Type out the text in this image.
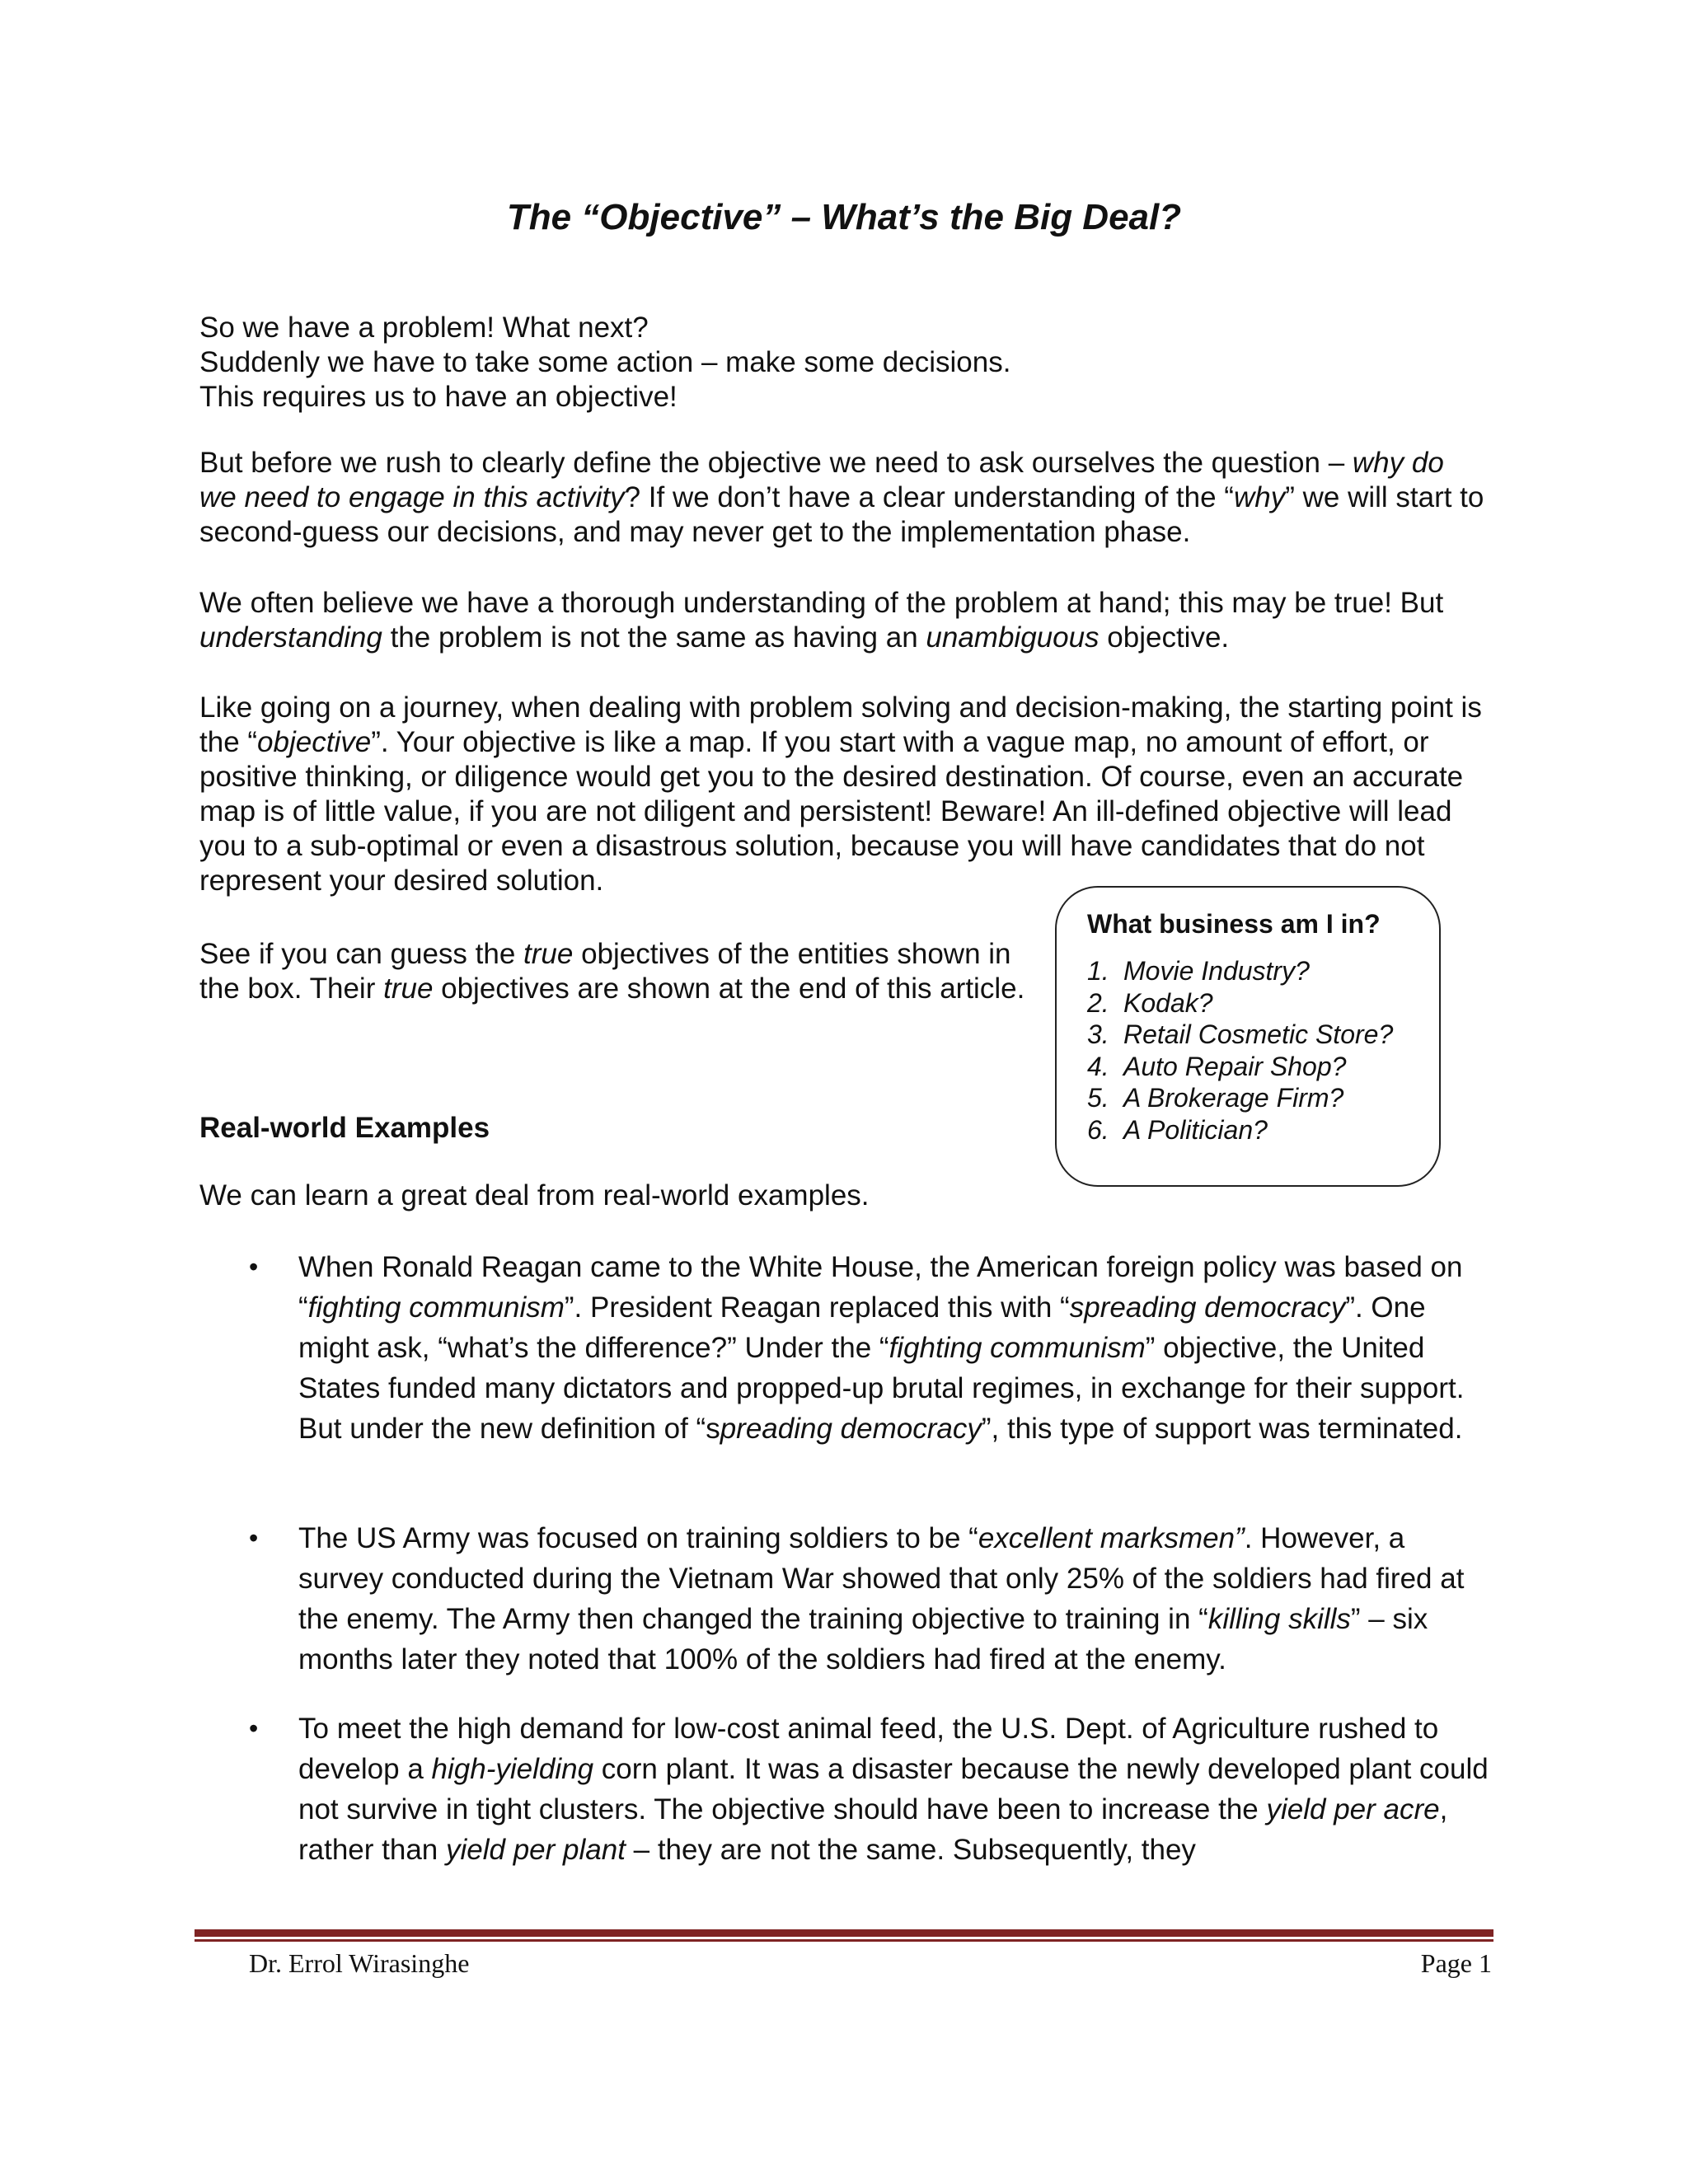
The “Objective” – What’s the Big Deal?

So we have a problem! What next?

Suddenly we have to take some action – make some decisions.

This requires us to have an objective!

But before we rush to clearly define the objective we need to ask ourselves the question – why do we need to engage in this activity? If we don’t have a clear understanding of the “why” we will start to second-guess our decisions, and may never get to the implementation phase.
We often believe we have a thorough understanding of the problem at hand; this may be true! But understanding the problem is not the same as having an unambiguous objective.
Like going on a journey, when dealing with problem solving and decision-making, the starting point is the “objective”. Your objective is like a map. If you start with a vague map, no amount of effort, or positive thinking, or diligence would get you to the desired destination. Of course, even an accurate map is of little value, if you are not diligent and persistent! Beware! An ill-defined objective will lead you to a sub-optimal or even a disastrous solution, because you will have candidates that do not represent your desired solution.
See if you can guess the true objectives of the entities shown in the box. Their true objectives are shown at the end of this article.
What business am I in?
1. Movie Industry?
2. Kodak?
3. Retail Cosmetic Store?
4. Auto Repair Shop?
5. A Brokerage Firm?
6. A Politician?
Real-world Examples
We can learn a great deal from real-world examples.
• When Ronald Reagan came to the White House, the American foreign policy was based on “fighting communism”. President Reagan replaced this with “spreading democracy”. One might ask, “what’s the difference?” Under the “fighting communism” objective, the United States funded many dictators and propped-up brutal regimes, in exchange for their support. But under the new definition of “spreading democracy”, this type of support was terminated.
• The US Army was focused on training soldiers to be “excellent marksmen”. However, a survey conducted during the Vietnam War showed that only 25% of the soldiers had fired at the enemy. The Army then changed the training objective to training in “killing skills” – six months later they noted that 100% of the soldiers had fired at the enemy.
• To meet the high demand for low-cost animal feed, the U.S. Dept. of Agriculture rushed to develop a high-yielding corn plant. It was a disaster because the newly developed plant could not survive in tight clusters. The objective should have been to increase the yield per acre, rather than yield per plant – they are not the same. Subsequently, they
Dr. Errol Wirasinghe	Page 1
